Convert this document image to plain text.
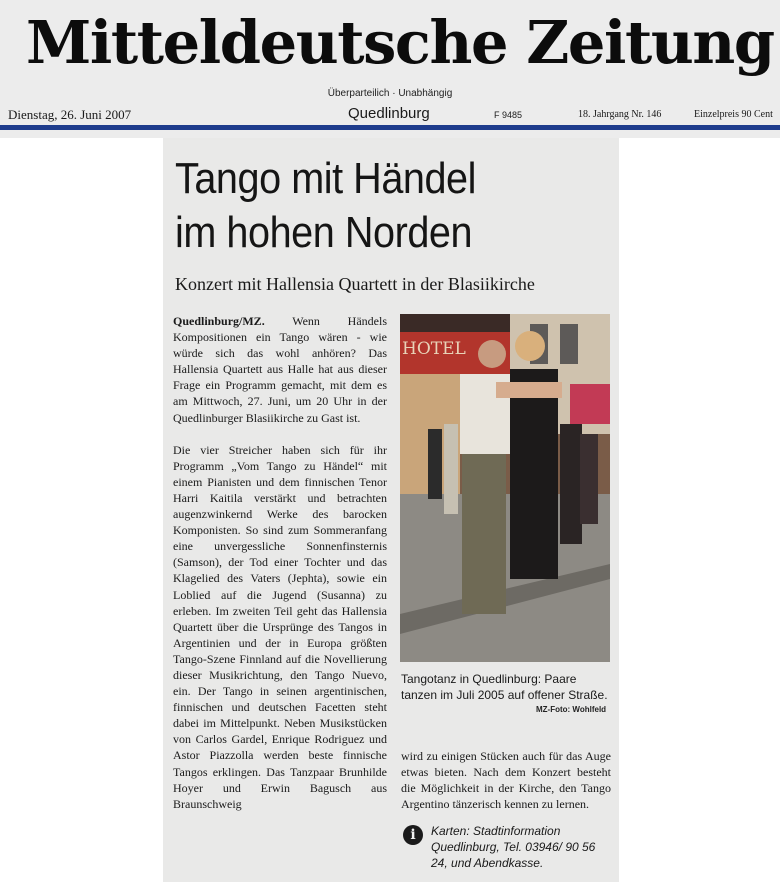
Mitteldeutsche Zeitung
Überparteilich · Unabhängig
Dienstag, 26. Juni 2007	Quedlinburg	F 9485	18. Jahrgang Nr. 146	Einzelpreis 90 Cent
Tango mit Händel
im hohen Norden
Konzert mit Hallensia Quartett in der Blasiikirche

Quedlinburg/MZ. Wenn Händels Kompositionen ein Tango wären - wie würde sich das wohl anhören? Das Hallensia Quartett aus Halle hat aus dieser Frage ein Programm gemacht, mit dem es am Mittwoch, 27. Juni, um 20 Uhr in der Quedlinburger Blasiikirche zu Gast ist.

Die vier Streicher haben sich für ihr Programm „Vom Tango zu Händel“ mit einem Pianisten und dem finnischen Tenor Harri Kaitila verstärkt und betrachten augenzwinkernd Werke des barocken Komponisten. So sind zum Sommeranfang eine unvergessliche Sonnenfinsternis (Samson), der Tod einer Tochter und das Klagelied des Vaters (Jephta), sowie ein Loblied auf die Jugend (Susanna) zu erleben. Im zweiten Teil geht das Hallensia Quartett über die Ursprünge des Tangos in Argentinien und der in Europa größten Tango-Szene Finnland auf die Novellierung dieser Musikrichtung, den Tango Nuevo, ein. Der Tango in seinen argentinischen, finnischen und deutschen Facetten steht dabei im Mittelpunkt. Neben Musikstücken von Carlos Gardel, Enrique Rodriguez und Astor Piazzolla werden beste finnische Tangos erklingen. Das Tanzpaar Brunhilde Hoyer und Erwin Bagusch aus Braunschweig

HOTEL
Tangotanz in Quedlinburg: Paare tanzen im Juli 2005 auf offener Straße.
MZ-Foto: Wohlfeld
wird zu einigen Stücken auch für das Auge etwas bieten. Nach dem Konzert besteht die Möglichkeit in der Kirche, den Tango Argentino tänzerisch kennen zu lernen.
i	Karten: Stadtinformation Quedlinburg, Tel. 03946/ 90 56 24, und Abendkasse.
